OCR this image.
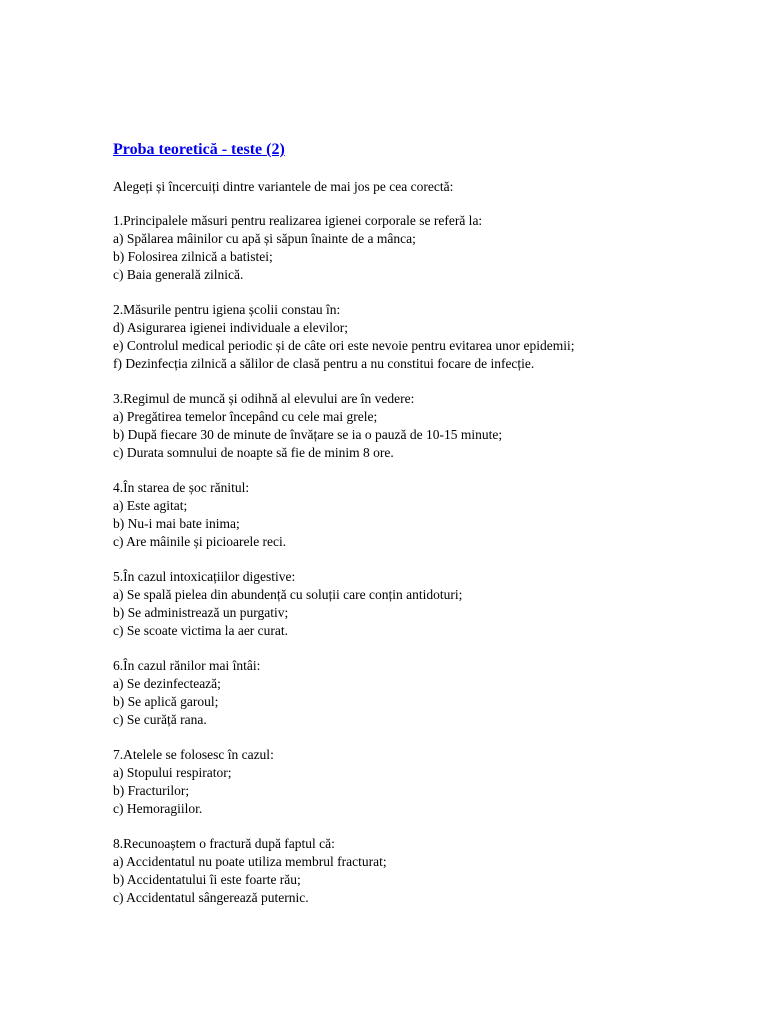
Proba teoretică - teste (2)
Alegeți și încercuiți dintre variantele de mai jos pe cea corectă:
1.Principalele măsuri pentru realizarea igienei corporale se referă la:
a) Spălarea mâinilor cu apă și săpun înainte de a mânca;
b) Folosirea zilnică a batistei;
c) Baia generală zilnică.
2.Măsurile pentru igiena școlii constau în:
d) Asigurarea igienei individuale a elevilor;
e) Controlul medical periodic și de câte ori este nevoie pentru evitarea unor epidemii;
f) Dezinfecția zilnică a sălilor de clasă pentru a nu constitui focare de infecție.
3.Regimul de muncă și odihnă al elevului are în vedere:
a) Pregătirea temelor începând cu cele mai grele;
b) După fiecare 30 de minute de învățare se ia o pauză de 10-15 minute;
c) Durata somnului de noapte să fie de minim 8 ore.
4.În starea de șoc rănitul:
a) Este agitat;
b) Nu-i mai bate inima;
c) Are mâinile și picioarele reci.
5.În cazul intoxicațiilor digestive:
a) Se spală pielea din abundență cu soluții care conțin antidoturi;
b) Se administrează un purgativ;
c) Se scoate victima la aer curat.
6.În cazul rănilor mai întâi:
a) Se dezinfectează;
b) Se aplică garoul;
c) Se curăță rana.
7.Atelele se folosesc în cazul:
a) Stopului respirator;
b) Fracturilor;
c) Hemoragiilor.
8.Recunoaștem o fractură după faptul că:
a) Accidentatul nu poate utiliza membrul fracturat;
b) Accidentatului îi este foarte rău;
c) Accidentatul sângerează puternic.
